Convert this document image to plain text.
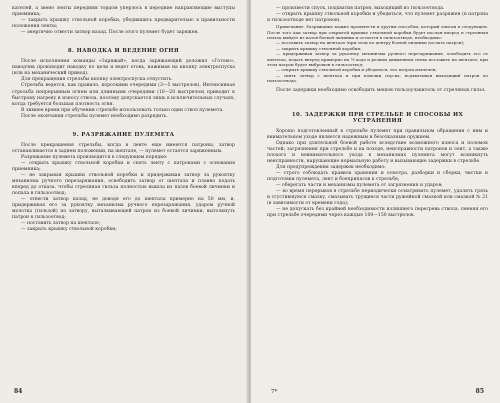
кателей, а звено ленты передним торцом уперлось в передние направляющие выступы приемника;

— закрыть крышку ствольной коробки, убедившись предварительно в правильности положения ленты;

— энергично отвести затвор назад. После этого пулемет будет заряжен.

8. НАВОДКА И ВЕДЕНИЕ ОГНЯ

После исполнения команды «Заряжай», когда заряжающий доложил «Готово», наводчик производит наводку по цели и ведет огонь, нажимая на кнопку электроспуска (или на механический привод).

Для прекращения стрельбы кнопку электроспуска отпустить.

Стрельба ведется, как правило, короткими очередями (3—5 выстрелов). Интенсивная стрельба непрерывным огнем или длинными очередями (10—20 выстрелов) приводит к быстрому нагреву и износу ствола, поэтому допускается лишь в исключительных случаях, когда требуется большая плотность огня.

В зимнее время при обучении стрельбе использовать только один ствол пулемета.

После окончания стрельбы пулемет необходимо разрядить.

9. РАЗРЯЖАНИЕ ПУЛЕМЕТА

После прекращения стрельбы, когда в ленте еще имеются патроны, затвор останавливается в заднем положении, на шептале, — пулемет остается заряженным.

Разряжание пулемета производится в следующем порядке:

— открыть крышку ствольной коробки и снять ленту с патронами с основания приемника;

— не закрывая крышки ствольной коробки и придерживая затвор за рукоятку механизма ручного перезаряжания, освободить затвор от шептала и плавно подать вперед до отказа, чтобы стреляная гильза полностью вышла из пазов боевой личинки и попала в гильзоотвод;

— отвести затвор назад, не доводя его до шептала примерно на 50 мм, и, придерживая его за рукоятку механизма ручного перезаряжания, ударом ручной молотка (гильзой) по затвору, выталкивающей патрон из боевой личинки, вытолкнуть патрон в гильзоотвод;

— поставить затвор на шептало;

— закрыть крышку ствольной коробки;

84

— произвести спуск, подхватив патрон, выходящий из гильзоотвода.

— открыть крышку ствольной коробки и убедиться, что пулемет разряжен (в патрона и гильзоотводе нет патронов).

Примечание. Разряжание можно произвести и другим способом, который описан в следующем. После того как затвор при открытой крышке ствольной коробки будет послан вперед и стреляная гильза выйдет из пазов боевой личинки и остается в гильзоотводе, необходимо:

— поставить затвор на шептало (при этом по центру боевой личинки дослать патрон);

— закрыть крышку ствольной коробки;

— придерживая затвор за рукоятку механизма ручного перезаряжания, освободить его от шептала, подать вперед примерно на ¹⁄₃ хода и резким движением снова поставить на шептало; при этом патрон будет выброшен в гильзоотвод;

— открыть крышку ствольной коробки и убедиться, что патрон извлечен;

— снять затвор с шептала и при помощи спуска, подхватывая выходящий патрон из гильзоотвода.

После задержки необходимо освободить мешок-гильзоулавитель от стреляных гильз.

10. ЗАДЕРЖКИ ПРИ СТРЕЛЬБЕ И СПОСОБЫ ИХ УСТРАНЕНИЯ

Хорошо подготовленный к стрельбе пулемет при правильном обращении с ним и внимательном уходе является надежным и безотказным оружием.

Однако при длительной боевой работе вследствие возможного износа и поломок частей; загрязнения при стрельбе и на походе, неисправности патронов и лент, а также плохого и невнимательного ухода в механизмах пулемета могут возникнуть неисправности, нарушающие нормальную работу и вызывающие задержки в стрельбе.

Для предупреждения задержек необходимо:

— строго соблюдать правила хранения и осмотра, разборки и сборки, чистки и подготовки пулемета, лент и боеприпасов к стрельбе;

— оберегать части и механизмы пулемета от загрязнения и ударов;

— во время перерывов в стрельбе периодически осматривать пулемет, удалять грязь и сгустившуюся смазку, смазывать трущиеся части ружейной смазкой или смазкой № 21 (в зависимости от времени года);

— не допускать без крайней необходимости излишнего перегрева ствола, сменяя его при стрельбе очередями через каждые 100—150 выстрелов.

7*	85
